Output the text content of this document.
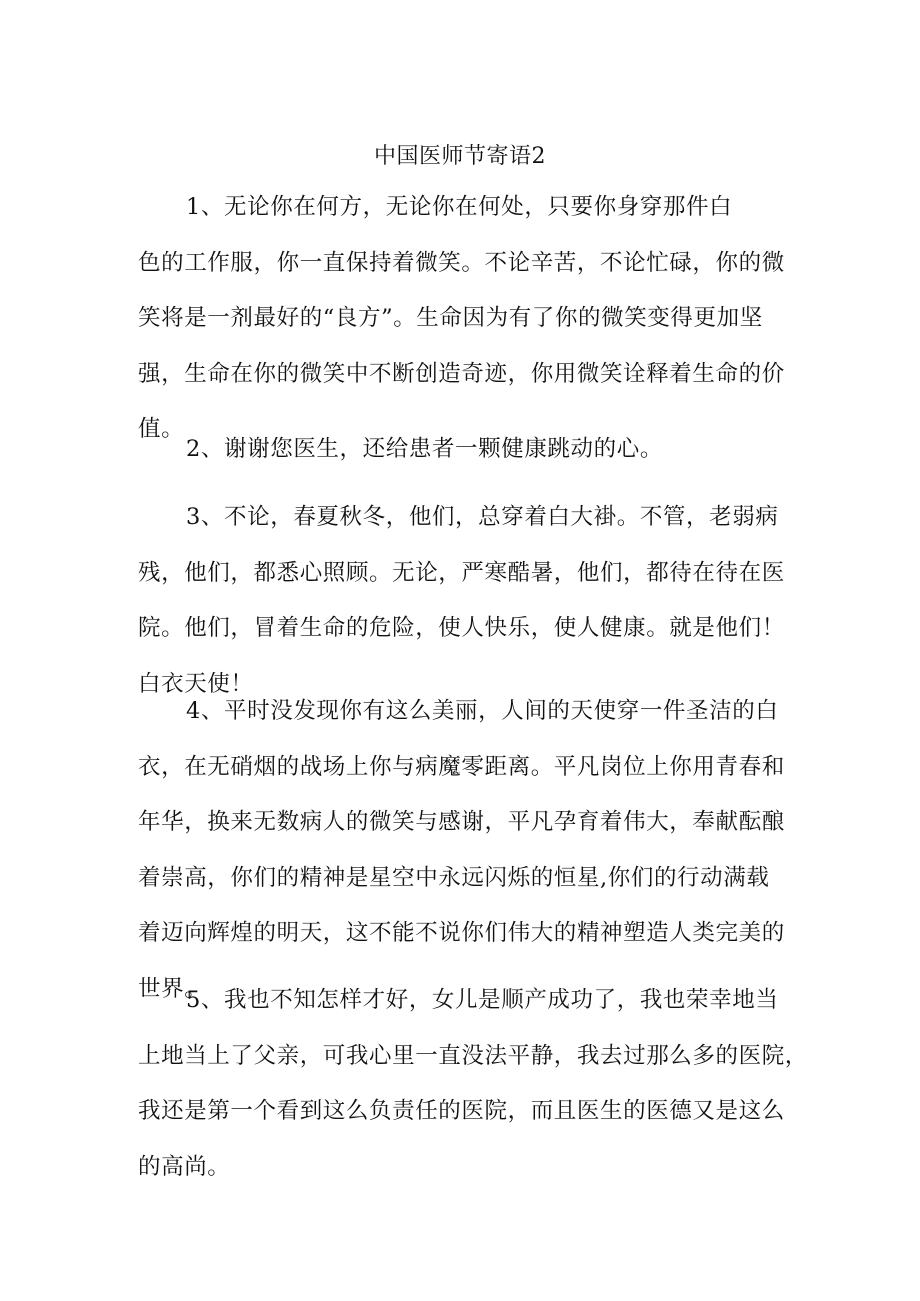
中国医师节寄语2
1、无论你在何方，无论你在何处，只要你身穿那件白
色的工作服，你一直保持着微笑。不论辛苦，不论忙碌，你的微
笑将是一剂最好的“良方”。生命因为有了你的微笑变得更加坚
强，生命在你的微笑中不断创造奇迹，你用微笑诠释着生命的价
值。
2、谢谢您医生，还给患者一颗健康跳动的心。
3、不论，春夏秋冬，他们，总穿着白大褂。不管，老弱病
残，他们，都悉心照顾。无论，严寒酷暑，他们，都待在待在医
院。他们，冒着生命的危险，使人快乐，使人健康。就是他们！
白衣天使！
4、平时没发现你有这么美丽，人间的天使穿一件圣洁的白
衣，在无硝烟的战场上你与病魔零距离。平凡岗位上你用青春和
年华，换来无数病人的微笑与感谢，平凡孕育着伟大，奉献酝酿
着崇高，你们的精神是星空中永远闪烁的恒星,你们的行动满载
着迈向辉煌的明天，这不能不说你们伟大的精神塑造人类完美的
世界。
5、我也不知怎样才好，女儿是顺产成功了，我也荣幸地当
上地当上了父亲，可我心里一直没法平静，我去过那么多的医院，
我还是第一个看到这么负责任的医院，而且医生的医德又是这么
的高尚。
